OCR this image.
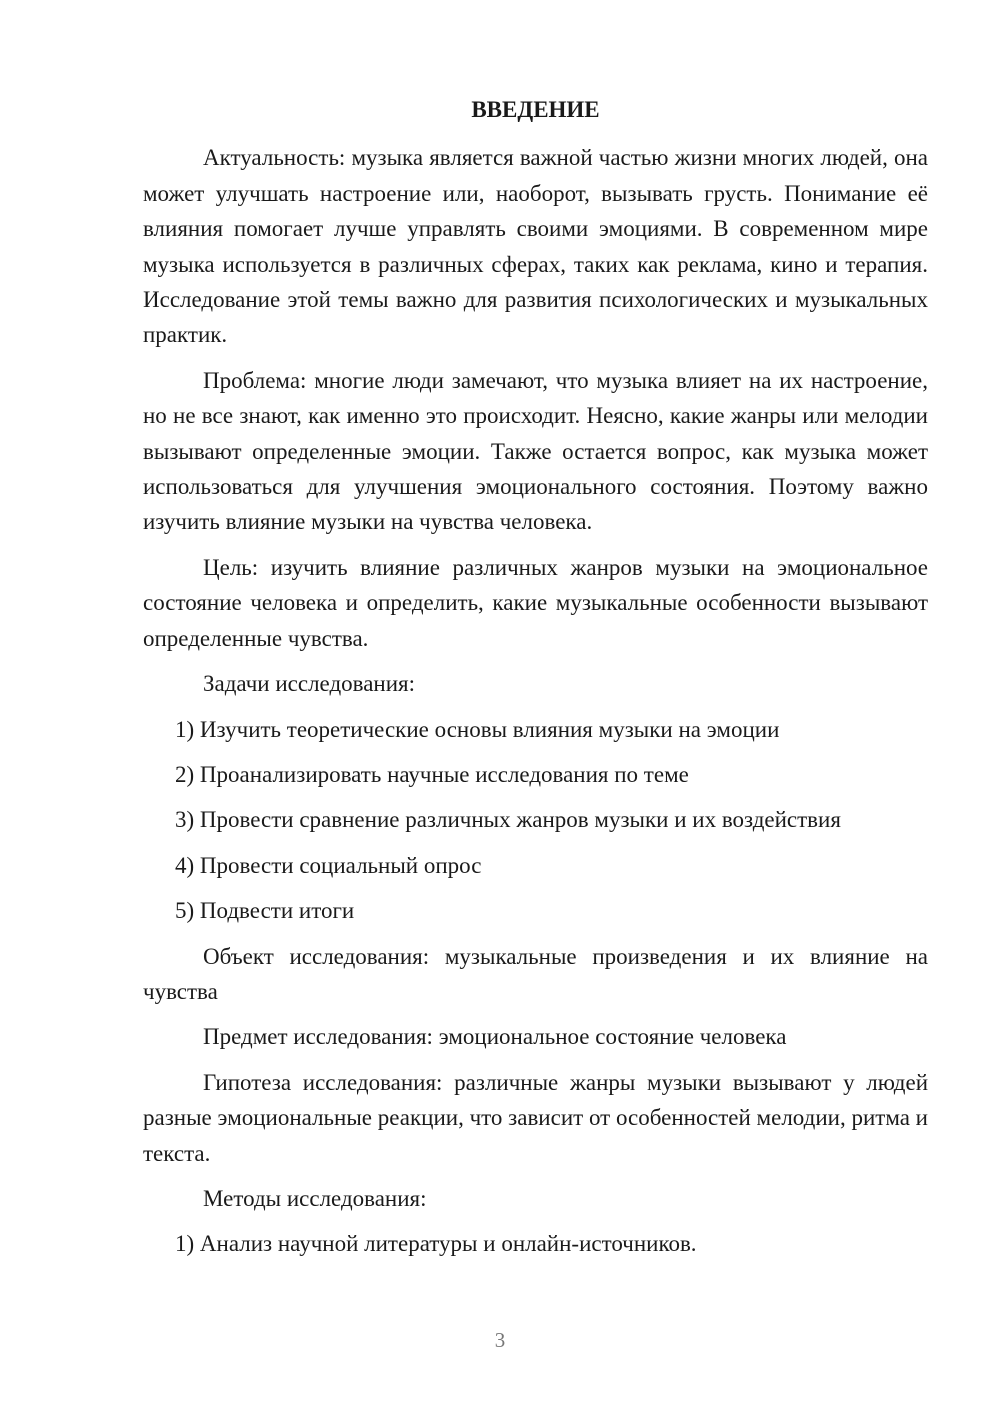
ВВЕДЕНИЕ

Актуальность: музыка является важной частью жизни многих людей, она может улучшать настроение или, наоборот, вызывать грусть. Понимание её влияния помогает лучше управлять своими эмоциями. В современном мире музыка используется в различных сферах, таких как реклама, кино и терапия. Исследование этой темы важно для развития психологических и музыкальных практик.

Проблема: многие люди замечают, что музыка влияет на их настроение, но не все знают, как именно это происходит. Неясно, какие жанры или мелодии вызывают определенные эмоции. Также остается вопрос, как музыка может использоваться для улучшения эмоционального состояния. Поэтому важно изучить влияние музыки на чувства человека.

Цель: изучить влияние различных жанров музыки на эмоциональное состояние человека и определить, какие музыкальные особенности вызывают определенные чувства.

Задачи исследования:

1) Изучить теоретические основы влияния музыки на эмоции

2) Проанализировать научные исследования по теме

3) Провести сравнение различных жанров музыки и их воздействия

4) Провести социальный опрос

5) Подвести итоги

Объект исследования: музыкальные произведения и их влияние на чувства

Предмет исследования: эмоциональное состояние человека

Гипотеза исследования: различные жанры музыки вызывают у людей разные эмоциональные реакции, что зависит от особенностей мелодии, ритма и текста.

Методы исследования:

1) Анализ научной литературы и онлайн-источников.

3
